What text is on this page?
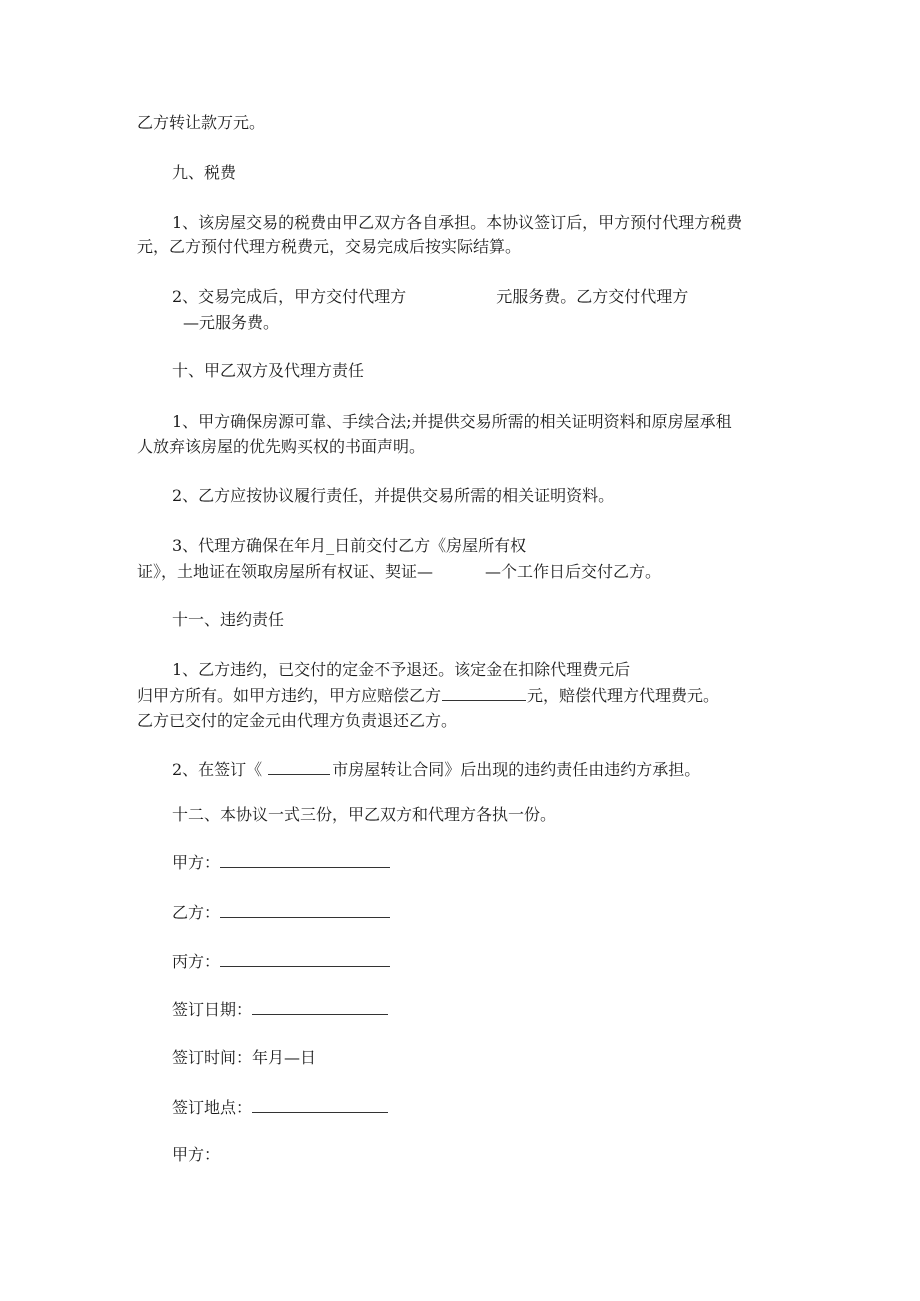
乙方转让款万元。
九、税费
1、该房屋交易的税费由甲乙双方各自承担。本协议签订后，甲方预付代理方税费
元，乙方预付代理方税费元，交易完成后按实际结算。
2、交易完成后，甲方交付代理方	元服务费。乙方交付代理方
—元服务费。
十、甲乙双方及代理方责任
1、甲方确保房源可靠、手续合法;并提供交易所需的相关证明资料和原房屋承租
人放弃该房屋的优先购买权的书面声明。
2、乙方应按协议履行责任，并提供交易所需的相关证明资料。
3、代理方确保在年月_日前交付乙方《房屋所有权
证》，土地证在领取房屋所有权证、契证—	—个工作日后交付乙方。
十一、违约责任
1、乙方违约，已交付的定金不予退还。该定金在扣除代理费元后
归甲方所有。如甲方违约，甲方应赔偿乙方	元，赔偿代理方代理费元。
乙方已交付的定金元由代理方负责退还乙方。
2、在签订《	市房屋转让合同》后出现的违约责任由违约方承担。
十二、本协议一式三份，甲乙双方和代理方各执一份。
甲方：
乙方：
丙方：
签订日期：
签订时间：年月—日
签订地点：
甲方：
